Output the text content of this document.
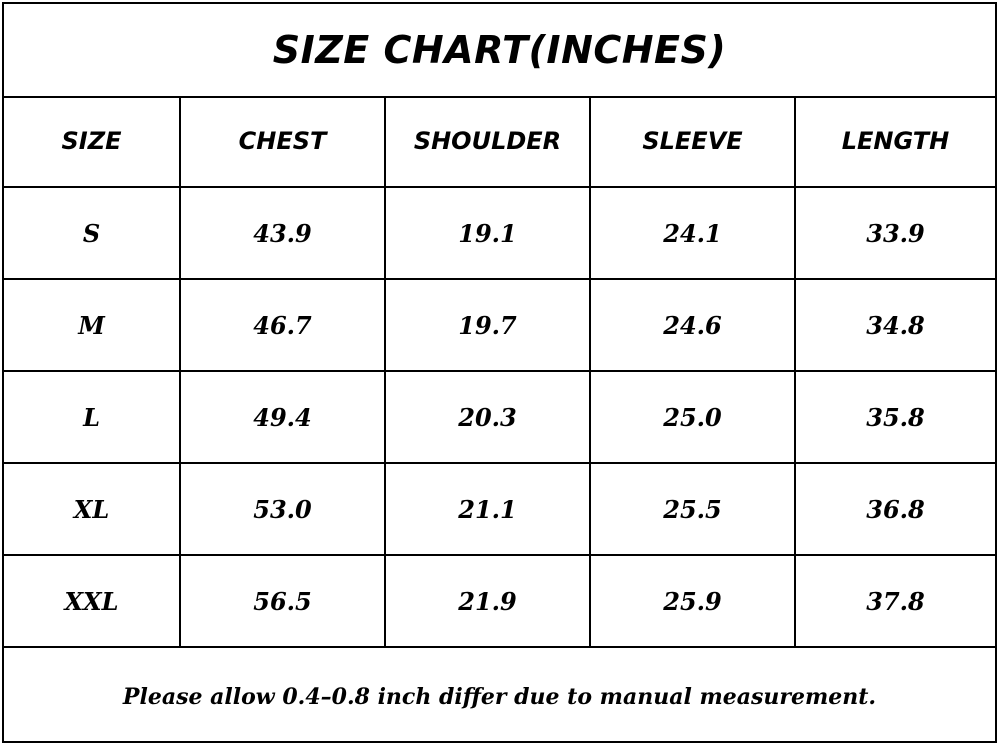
SIZE CHART(INCHES)
SIZE	CHEST	SHOULDER	SLEEVE	LENGTH
S	43.9	19.1	24.1	33.9
M	46.7	19.7	24.6	34.8
L	49.4	20.3	25.0	35.8
XL	53.0	21.1	25.5	36.8
XXL	56.5	21.9	25.9	37.8
Please allow 0.4–0.8 inch differ due to manual measurement.
